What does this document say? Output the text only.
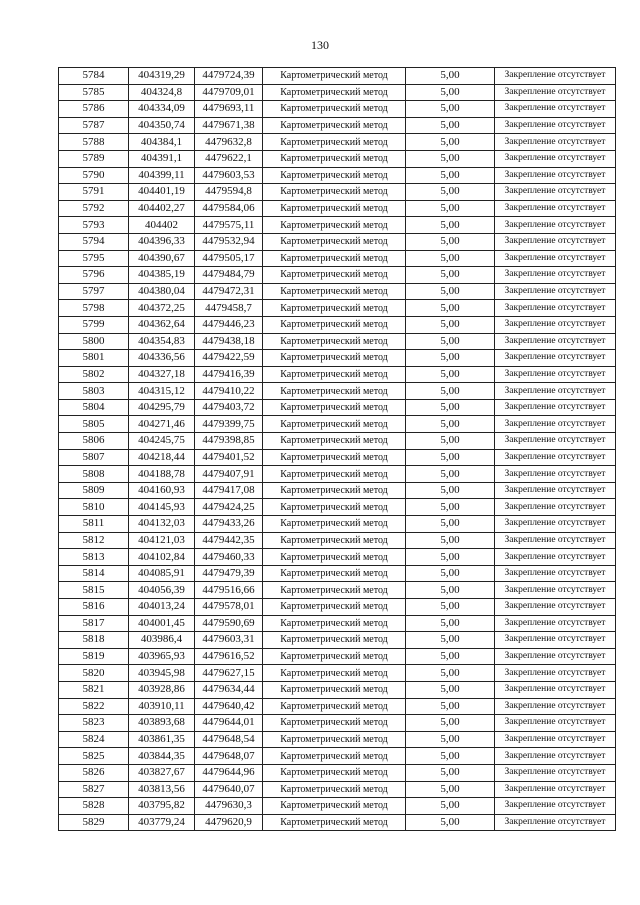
130
5784	404319,29	4479724,39	Картометрический метод	5,00	Закрепление отсутствует
5785	404324,8	4479709,01	Картометрический метод	5,00	Закрепление отсутствует
5786	404334,09	4479693,11	Картометрический метод	5,00	Закрепление отсутствует
5787	404350,74	4479671,38	Картометрический метод	5,00	Закрепление отсутствует
5788	404384,1	4479632,8	Картометрический метод	5,00	Закрепление отсутствует
5789	404391,1	4479622,1	Картометрический метод	5,00	Закрепление отсутствует
5790	404399,11	4479603,53	Картометрический метод	5,00	Закрепление отсутствует
5791	404401,19	4479594,8	Картометрический метод	5,00	Закрепление отсутствует
5792	404402,27	4479584,06	Картометрический метод	5,00	Закрепление отсутствует
5793	404402	4479575,11	Картометрический метод	5,00	Закрепление отсутствует
5794	404396,33	4479532,94	Картометрический метод	5,00	Закрепление отсутствует
5795	404390,67	4479505,17	Картометрический метод	5,00	Закрепление отсутствует
5796	404385,19	4479484,79	Картометрический метод	5,00	Закрепление отсутствует
5797	404380,04	4479472,31	Картометрический метод	5,00	Закрепление отсутствует
5798	404372,25	4479458,7	Картометрический метод	5,00	Закрепление отсутствует
5799	404362,64	4479446,23	Картометрический метод	5,00	Закрепление отсутствует
5800	404354,83	4479438,18	Картометрический метод	5,00	Закрепление отсутствует
5801	404336,56	4479422,59	Картометрический метод	5,00	Закрепление отсутствует
5802	404327,18	4479416,39	Картометрический метод	5,00	Закрепление отсутствует
5803	404315,12	4479410,22	Картометрический метод	5,00	Закрепление отсутствует
5804	404295,79	4479403,72	Картометрический метод	5,00	Закрепление отсутствует
5805	404271,46	4479399,75	Картометрический метод	5,00	Закрепление отсутствует
5806	404245,75	4479398,85	Картометрический метод	5,00	Закрепление отсутствует
5807	404218,44	4479401,52	Картометрический метод	5,00	Закрепление отсутствует
5808	404188,78	4479407,91	Картометрический метод	5,00	Закрепление отсутствует
5809	404160,93	4479417,08	Картометрический метод	5,00	Закрепление отсутствует
5810	404145,93	4479424,25	Картометрический метод	5,00	Закрепление отсутствует
5811	404132,03	4479433,26	Картометрический метод	5,00	Закрепление отсутствует
5812	404121,03	4479442,35	Картометрический метод	5,00	Закрепление отсутствует
5813	404102,84	4479460,33	Картометрический метод	5,00	Закрепление отсутствует
5814	404085,91	4479479,39	Картометрический метод	5,00	Закрепление отсутствует
5815	404056,39	4479516,66	Картометрический метод	5,00	Закрепление отсутствует
5816	404013,24	4479578,01	Картометрический метод	5,00	Закрепление отсутствует
5817	404001,45	4479590,69	Картометрический метод	5,00	Закрепление отсутствует
5818	403986,4	4479603,31	Картометрический метод	5,00	Закрепление отсутствует
5819	403965,93	4479616,52	Картометрический метод	5,00	Закрепление отсутствует
5820	403945,98	4479627,15	Картометрический метод	5,00	Закрепление отсутствует
5821	403928,86	4479634,44	Картометрический метод	5,00	Закрепление отсутствует
5822	403910,11	4479640,42	Картометрический метод	5,00	Закрепление отсутствует
5823	403893,68	4479644,01	Картометрический метод	5,00	Закрепление отсутствует
5824	403861,35	4479648,54	Картометрический метод	5,00	Закрепление отсутствует
5825	403844,35	4479648,07	Картометрический метод	5,00	Закрепление отсутствует
5826	403827,67	4479644,96	Картометрический метод	5,00	Закрепление отсутствует
5827	403813,56	4479640,07	Картометрический метод	5,00	Закрепление отсутствует
5828	403795,82	4479630,3	Картометрический метод	5,00	Закрепление отсутствует
5829	403779,24	4479620,9	Картометрический метод	5,00	Закрепление отсутствует
